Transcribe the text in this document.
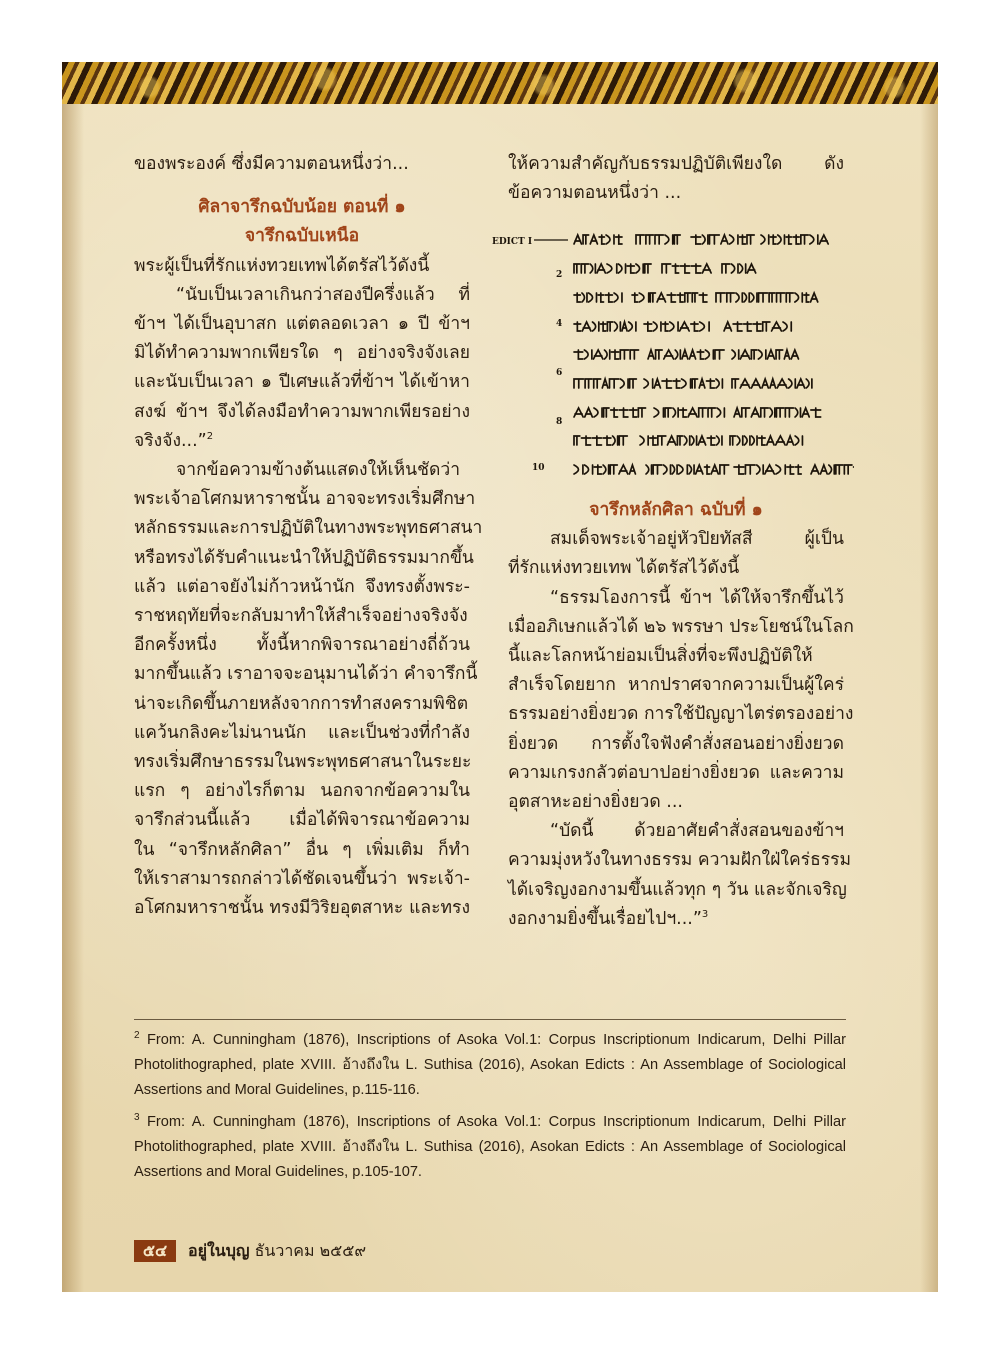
ของพระองค์ ซึ่งมีความตอนหนึ่งว่า...
ศิลาจารึกฉบับน้อย ตอนที่ ๑
จารึกฉบับเหนือ
พระผู้เป็นที่รักแห่งทวยเทพได้ตรัสไว้ดังนี้
“นับเป็นเวลาเกินกว่าสองปีครึ่งแล้ว ที่
ข้าฯ ได้เป็นอุบาสก แต่ตลอดเวลา ๑ ปี ข้าฯ
มิได้ทำความพากเพียรใด ๆ อย่างจริงจังเลย
และนับเป็นเวลา ๑ ปีเศษแล้วที่ข้าฯ ได้เข้าหา
สงฆ์ ข้าฯ จึงได้ลงมือทำความพากเพียรอย่าง
จริงจัง...”$^2$
จากข้อความข้างต้นแสดงให้เห็นชัดว่า
พระเจ้าอโศกมหาราชนั้น อาจจะทรงเริ่มศึกษา
หลักธรรมและการปฏิบัติในทางพระพุทธศาสนา
หรือทรงได้รับคำแนะนำให้ปฏิบัติธรรมมากขึ้น
แล้ว แต่อาจยังไม่ก้าวหน้านัก จึงทรงตั้งพระ-
ราชหฤทัยที่จะกลับมาทำให้สำเร็จอย่างจริงจัง
อีกครั้งหนึ่ง ทั้งนี้หากพิจารณาอย่างถี่ถ้วน
มากขึ้นแล้ว เราอาจจะอนุมานได้ว่า คำจารึกนี้
น่าจะเกิดขึ้นภายหลังจากการทำสงครามพิชิต
แคว้นกลิงคะไม่นานนัก และเป็นช่วงที่กำลัง
ทรงเริ่มศึกษาธรรมในพระพุทธศาสนาในระยะ
แรก ๆ อย่างไรก็ตาม นอกจากข้อความใน
จารึกส่วนนี้แล้ว เมื่อได้พิจารณาข้อความ
ใน “จารึกหลักศิลา” อื่น ๆ เพิ่มเติม ก็ทำ
ให้เราสามารถกล่าวได้ชัดเจนขึ้นว่า พระเจ้า-
อโศกมหาราชนั้น ทรงมีวิริยอุตสาหะ และทรง
ให้ความสำคัญกับธรรมปฏิบัติเพียงใด ดัง
ข้อความตอนหนึ่งว่า ...
EDICT I
2
4
6
8
10
จารึกหลักศิลา ฉบับที่ ๑
สมเด็จพระเจ้าอยู่หัวปิยทัสสี ผู้เป็น
ที่รักแห่งทวยเทพ ได้ตรัสไว้ดังนี้
“ธรรมโองการนี้ ข้าฯ ได้ให้จารึกขึ้นไว้
เมื่ออภิเษกแล้วได้ ๒๖ พรรษา ประโยชน์ในโลก
นี้และโลกหน้าย่อมเป็นสิ่งที่จะพึงปฏิบัติให้
สำเร็จโดยยาก หากปราศจากความเป็นผู้ใคร่
ธรรมอย่างยิ่งยวด การใช้ปัญญาไตร่ตรองอย่าง
ยิ่งยวด การตั้งใจฟังคำสั่งสอนอย่างยิ่งยวด
ความเกรงกลัวต่อบาปอย่างยิ่งยวด และความ
อุตสาหะอย่างยิ่งยวด ...
“บัดนี้ ด้วยอาศัยคำสั่งสอนของข้าฯ
ความมุ่งหวังในทางธรรม ความฝักใฝ่ใคร่ธรรม
ได้เจริญงอกงามขึ้นแล้วทุก ๆ วัน และจักเจริญ
งอกงามยิ่งขึ้นเรื่อยไปฯ...”$^3$

$^2$ From: A. Cunningham (1876), Inscriptions of Asoka Vol.1: Corpus Inscriptionum Indicarum, Delhi Pillar Photolithographed, plate XVIII. อ้างถึงใน L. Suthisa (2016), Asokan Edicts : An Assemblage of Sociological Assertions and Moral Guidelines, p.115-116.

$^3$ From: A. Cunningham (1876), Inscriptions of Asoka Vol.1: Corpus Inscriptionum Indicarum, Delhi Pillar Photolithographed, plate XVIII. อ้างถึงใน L. Suthisa (2016), Asokan Edicts : An Assemblage of Sociological Assertions and Moral Guidelines, p.105-107.

๕๔	อยู่ในบุญ ธันวาคม ๒๕๕๙
